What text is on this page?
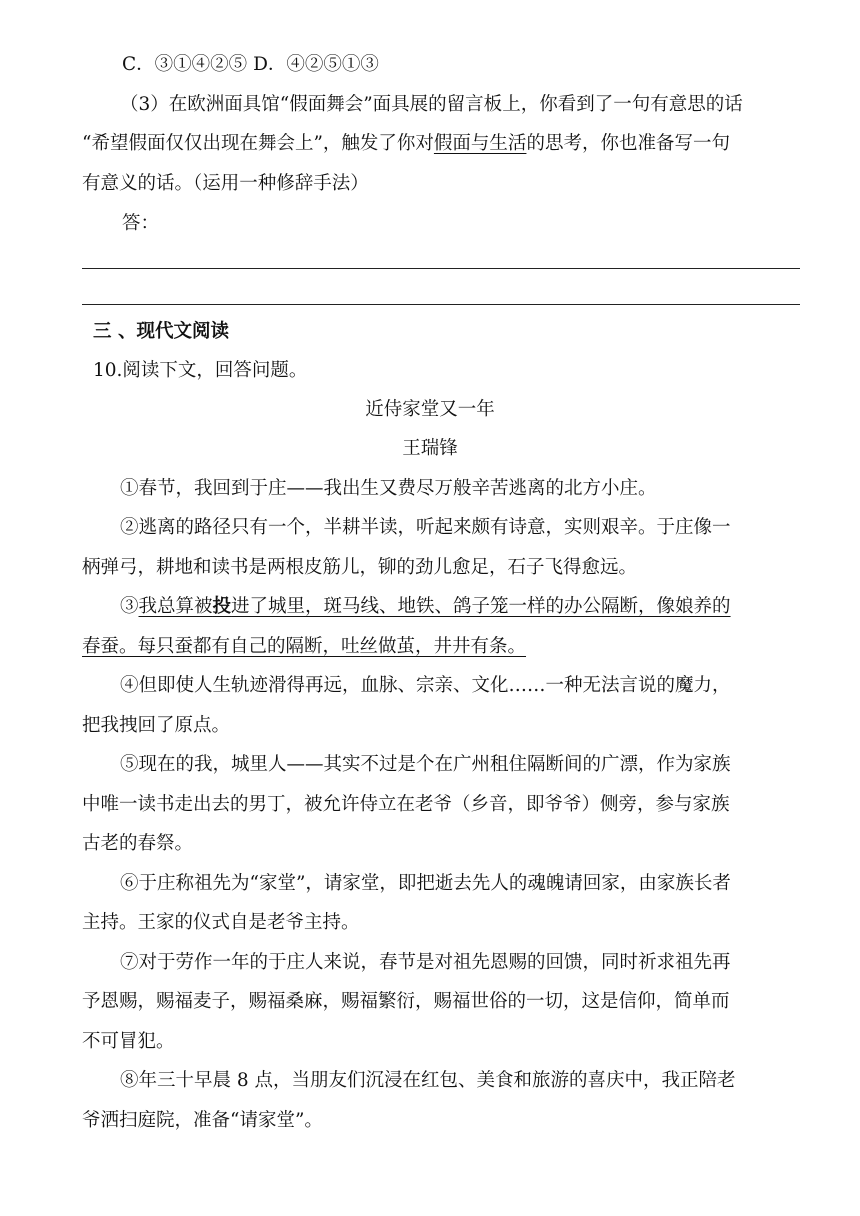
C．③①④②⑤ D．④②⑤①③
（3）在欧洲面具馆“假面舞会”面具展的留言板上，你看到了一句有意思的话
“希望假面仅仅出现在舞会上”，触发了你对假面与生活的思考，你也准备写一句
有意义的话。（运用一种修辞手法）
答：
三 、现代文阅读
10.阅读下文，回答问题。
近侍家堂又一年
王瑞锋
①春节，我回到于庄——我出生又费尽万般辛苦逃离的北方小庄。
②逃离的路径只有一个，半耕半读，听起来颇有诗意，实则艰辛。于庄像一
柄弹弓，耕地和读书是两根皮筋儿，铆的劲儿愈足，石子飞得愈远。
③我总算被投进了城里，斑马线、地铁、鸽子笼一样的办公隔断，像娘养的
春蚕。每只蚕都有自己的隔断，吐丝做茧，井井有条。
④但即使人生轨迹滑得再远，血脉、宗亲、文化……一种无法言说的魔力，
把我拽回了原点。
⑤现在的我，城里人——其实不过是个在广州租住隔断间的广漂，作为家族
中唯一读书走出去的男丁，被允许侍立在老爷（乡音，即爷爷）侧旁，参与家族
古老的春祭。
⑥于庄称祖先为“家堂”，请家堂，即把逝去先人的魂魄请回家，由家族长者
主持。王家的仪式自是老爷主持。
⑦对于劳作一年的于庄人来说，春节是对祖先恩赐的回馈，同时祈求祖先再
予恩赐，赐福麦子，赐福桑麻，赐福繁衍，赐福世俗的一切，这是信仰，简单而
不可冒犯。
⑧年三十早晨 8 点，当朋友们沉浸在红包、美食和旅游的喜庆中，我正陪老
爷洒扫庭院，准备“请家堂”。
